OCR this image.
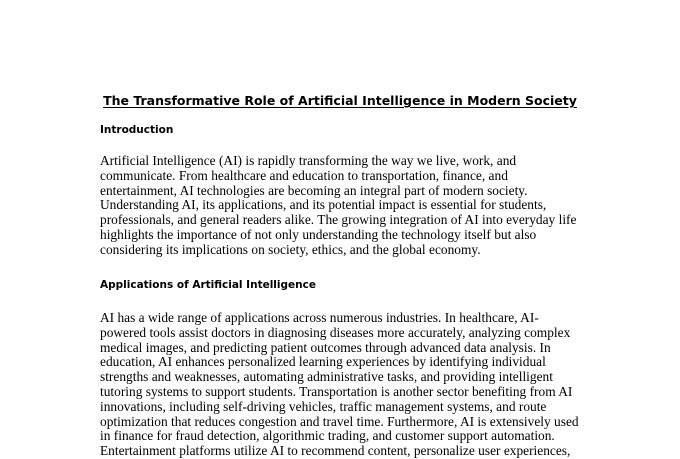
The Transformative Role of Artificial Intelligence in Modern Society
Introduction

Artificial Intelligence (AI) is rapidly transforming the way we live, work, and
communicate. From healthcare and education to transportation, finance, and
entertainment, AI technologies are becoming an integral part of modern society.
Understanding AI, its applications, and its potential impact is essential for students,
professionals, and general readers alike. The growing integration of AI into everyday life
highlights the importance of not only understanding the technology itself but also
considering its implications on society, ethics, and the global economy.

Applications of Artificial Intelligence

AI has a wide range of applications across numerous industries. In healthcare, AI-
powered tools assist doctors in diagnosing diseases more accurately, analyzing complex
medical images, and predicting patient outcomes through advanced data analysis. In
education, AI enhances personalized learning experiences by identifying individual
strengths and weaknesses, automating administrative tasks, and providing intelligent
tutoring systems to support students. Transportation is another sector benefiting from AI
innovations, including self-driving vehicles, traffic management systems, and route
optimization that reduces congestion and travel time. Furthermore, AI is extensively used
in finance for fraud detection, algorithmic trading, and customer support automation.
Entertainment platforms utilize AI to recommend content, personalize user experiences,
